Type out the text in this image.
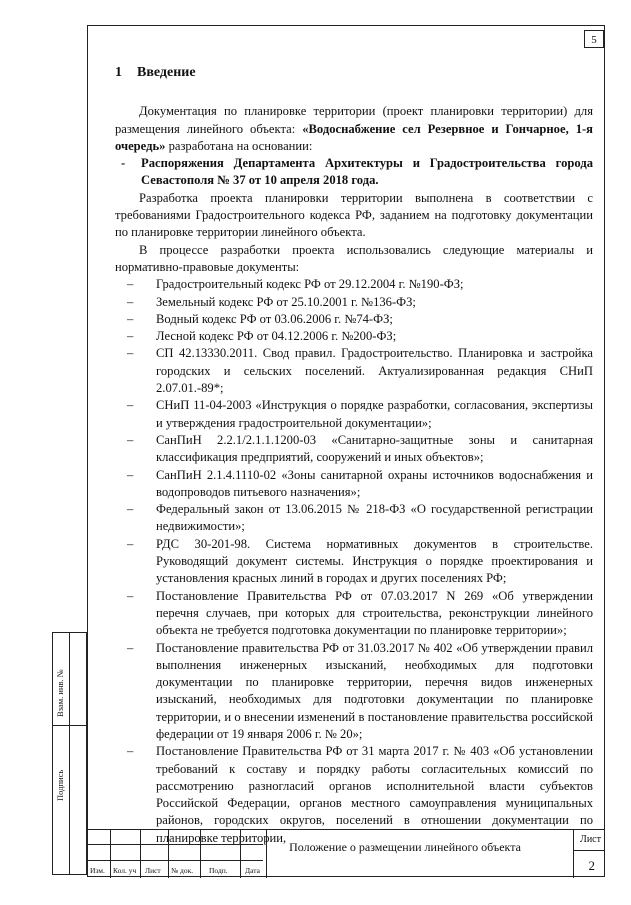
5
1 Введение

Документация по планировке территории (проект планировки территории) для размещения линейного объекта: «Водоснабжение сел Резервное и Гончарное, 1-я очередь» разработана на основании:

- Распоряжения Департамента Архитектуры и Градостроительства города Севастополя № 37 от 10 апреля 2018 года.

Разработка проекта планировки территории выполнена в соответствии с требованиями Градостроительного кодекса РФ, заданием на подготовку документации по планировке территории линейного объекта.

В процессе разработки проекта использовались следующие материалы и нормативно-правовые документы:

– Градостроительный кодекс РФ от 29.12.2004 г. №190-ФЗ;
– Земельный кодекс РФ от 25.10.2001 г. №136-ФЗ;
– Водный кодекс РФ от 03.06.2006 г. №74-ФЗ;
– Лесной кодекс РФ от 04.12.2006 г. №200-ФЗ;
– СП 42.13330.2011. Свод правил. Градостроительство. Планировка и застройка городских и сельских поселений. Актуализированная редакция СНиП 2.07.01.-89*;
– СНиП 11-04-2003 «Инструкция о порядке разработки, согласования, экспертизы и утверждения градостроительной документации»;
– СанПиН 2.2.1/2.1.1.1200-03 «Санитарно-защитные зоны и санитарная классификация предприятий, сооружений и иных объектов»;
– СанПиН 2.1.4.1110-02 «Зоны санитарной охраны источников водоснабжения и водопроводов питьевого назначения»;
– Федеральный закон от 13.06.2015 № 218-ФЗ «О государственной регистрации недвижимости»;
– РДС 30-201-98. Система нормативных документов в строительстве. Руководящий документ системы. Инструкция о порядке проектирования и установления красных линий в городах и других поселениях РФ;
– Постановление Правительства РФ от 07.03.2017 N 269 «Об утверждении перечня случаев, при которых для строительства, реконструкции линейного объекта не требуется подготовка документации по планировке территории»;
– Постановление правительства РФ от 31.03.2017 № 402 «Об утверждении правил выполнения инженерных изысканий, необходимых для подготовки документации по планировке территории, перечня видов инженерных изысканий, необходимых для подготовки документации по планировке территории, и о внесении изменений в постановление правительства российской федерации от 19 января 2006 г. № 20»;
– Постановление Правительства РФ от 31 марта 2017 г. № 403 «Об установлении требований к составу и порядку работы согласительных комиссий по рассмотрению разногласий органов исполнительной власти субъектов Российской Федерации, органов местного самоуправления муниципальных районов, городских округов, поселений в отношении документации по планировке территории,
Взам. инв. №
Подпись
Изм. Кол. уч Лист № док. Подп. Дата
Положение о размещении линейного объекта
Лист
2
